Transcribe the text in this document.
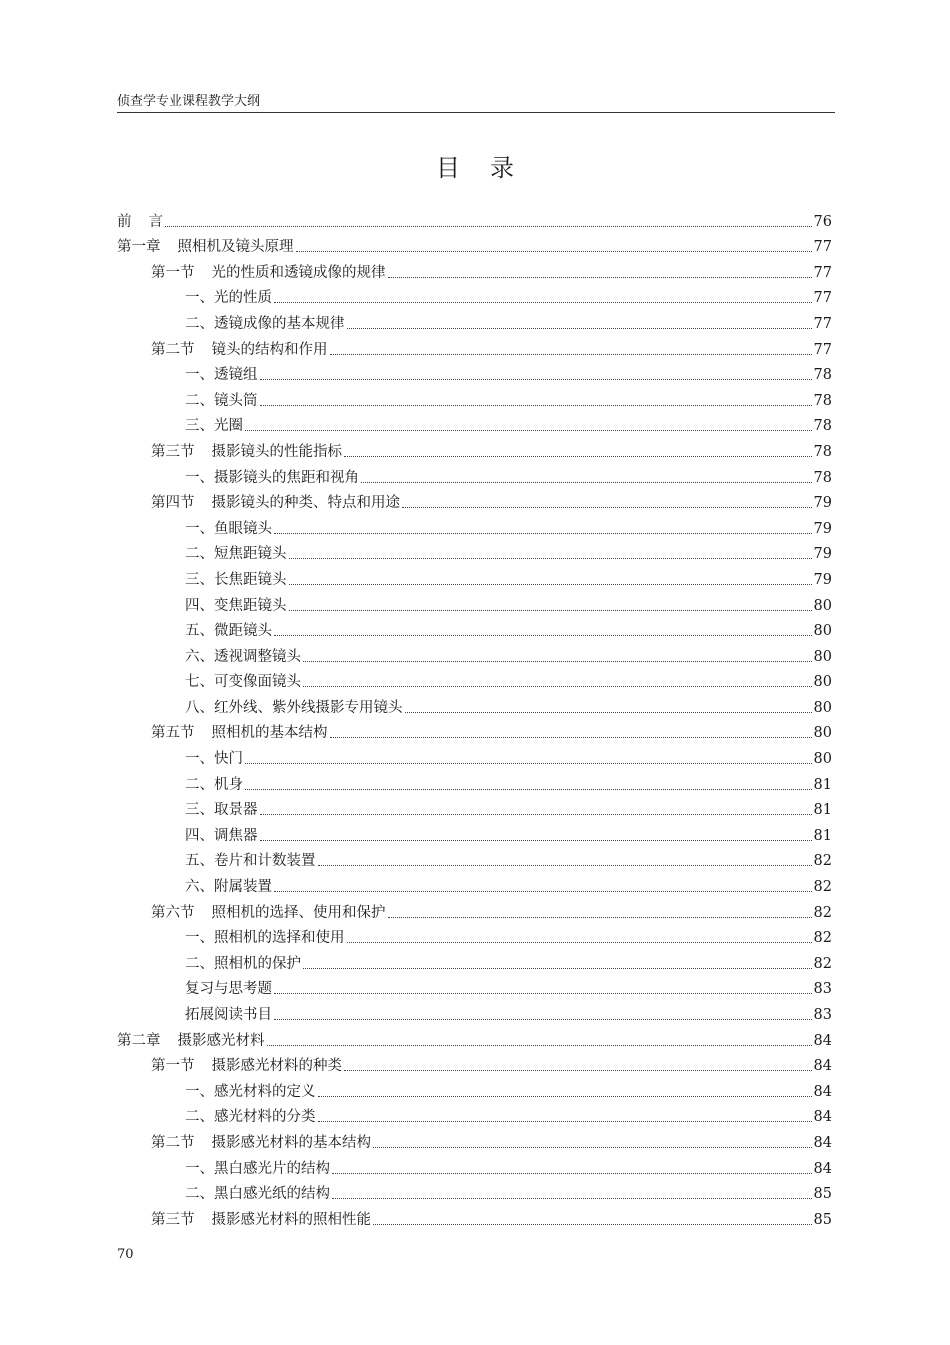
侦查学专业课程教学大纲
目录
前 言	76
第一章 照相机及镜头原理	77
第一节 光的性质和透镜成像的规律	77
一、光的性质	77
二、透镜成像的基本规律	77
第二节 镜头的结构和作用	77
一、透镜组	78
二、镜头筒	78
三、光圈	78
第三节 摄影镜头的性能指标	78
一、摄影镜头的焦距和视角	78
第四节 摄影镜头的种类、特点和用途	79
一、鱼眼镜头	79
二、短焦距镜头	79
三、长焦距镜头	79
四、变焦距镜头	80
五、微距镜头	80
六、透视调整镜头	80
七、可变像面镜头	80
八、红外线、紫外线摄影专用镜头	80
第五节 照相机的基本结构	80
一、快门	80
二、机身	81
三、取景器	81
四、调焦器	81
五、卷片和计数装置	82
六、附属装置	82
第六节 照相机的选择、使用和保护	82
一、照相机的选择和使用	82
二、照相机的保护	82
复习与思考题	83
拓展阅读书目	83
第二章 摄影感光材料	84
第一节 摄影感光材料的种类	84
一、感光材料的定义	84
二、感光材料的分类	84
第二节 摄影感光材料的基本结构	84
一、黑白感光片的结构	84
二、黑白感光纸的结构	85
第三节 摄影感光材料的照相性能	85
70
